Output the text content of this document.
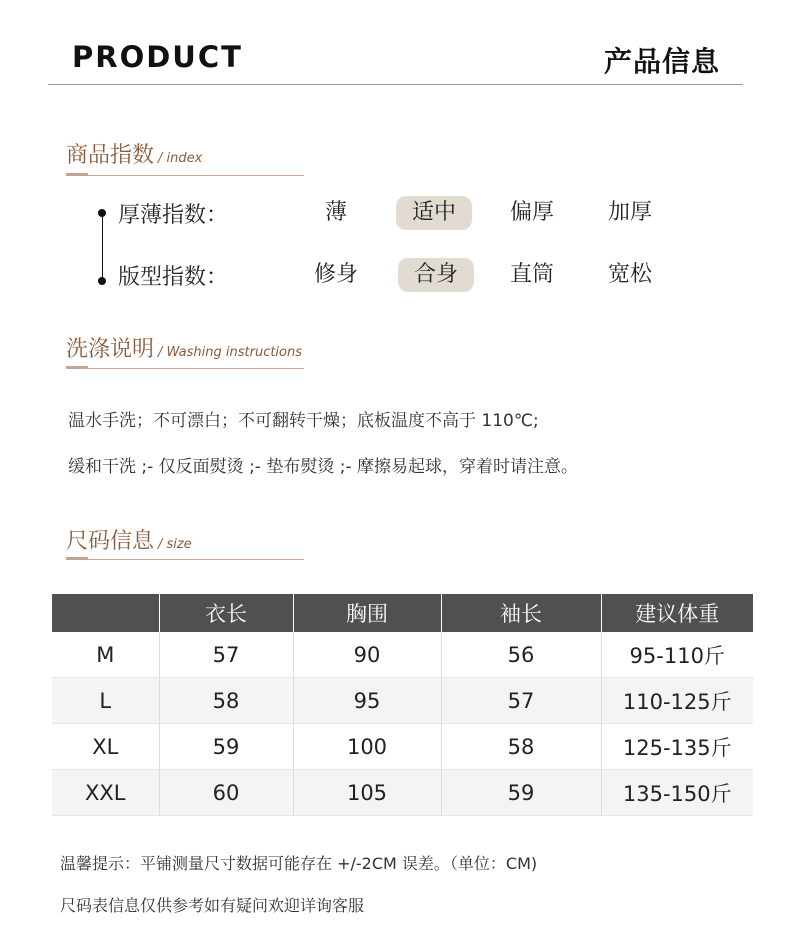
PRODUCT	产品信息
商品指数 / index
厚薄指数：	薄	适中	偏厚	加厚
版型指数：	修身	合身	直筒	宽松
洗涤说明 / Washing instructions
温水手洗；不可漂白；不可翻转干燥；底板温度不高于 110℃;
缓和干洗 ;- 仅反面熨烫 ;- 垫布熨烫 ;- 摩擦易起球，穿着时请注意。
尺码信息 / size
	衣长	胸围	袖长	建议体重
M	57	90	56	95-110斤
L	58	95	57	110-125斤
XL	59	100	58	125-135斤
XXL	60	105	59	135-150斤
温馨提示：平铺测量尺寸数据可能存在 +/-2CM 误差。（单位：CM)
尺码表信息仅供参考如有疑问欢迎详询客服
